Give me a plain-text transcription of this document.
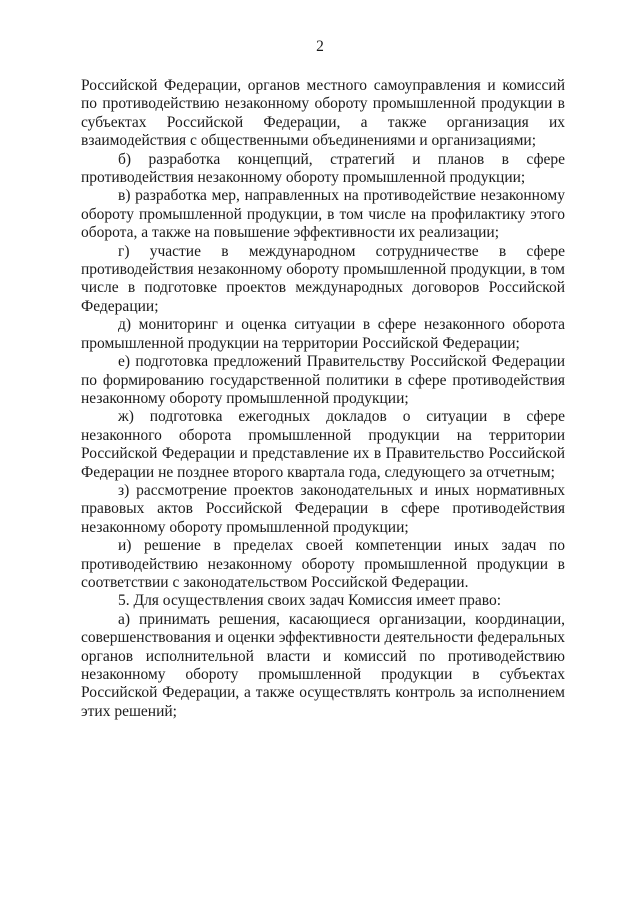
2

Российской Федерации, органов местного самоуправления и комиссий по противодействию незаконному обороту промышленной продукции в субъектах Российской Федерации, а также организация их взаимодействия с общественными объединениями и организациями;

б) разработка концепций, стратегий и планов в сфере противодействия незаконному обороту промышленной продукции;

в) разработка мер, направленных на противодействие незаконному обороту промышленной продукции, в том числе на профилактику этого оборота, а также на повышение эффективности их реализации;

г) участие в международном сотрудничестве в сфере противодействия незаконному обороту промышленной продукции, в том числе в подготовке проектов международных договоров Российской Федерации;

д) мониторинг и оценка ситуации в сфере незаконного оборота промышленной продукции на территории Российской Федерации;

е) подготовка предложений Правительству Российской Федерации по формированию государственной политики в сфере противодействия незаконному обороту промышленной продукции;

ж) подготовка ежегодных докладов о ситуации в сфере незаконного оборота промышленной продукции на территории Российской Федерации и представление их в Правительство Российской Федерации не позднее второго квартала года, следующего за отчетным;

з) рассмотрение проектов законодательных и иных нормативных правовых актов Российской Федерации в сфере противодействия незаконному обороту промышленной продукции;

и) решение в пределах своей компетенции иных задач по противодействию незаконному обороту промышленной продукции в соответствии с законодательством Российской Федерации.

5. Для осуществления своих задач Комиссия имеет право:

а) принимать решения, касающиеся организации, координации, совершенствования и оценки эффективности деятельности федеральных органов исполнительной власти и комиссий по противодействию незаконному обороту промышленной продукции в субъектах Российской Федерации, а также осуществлять контроль за исполнением этих решений;
